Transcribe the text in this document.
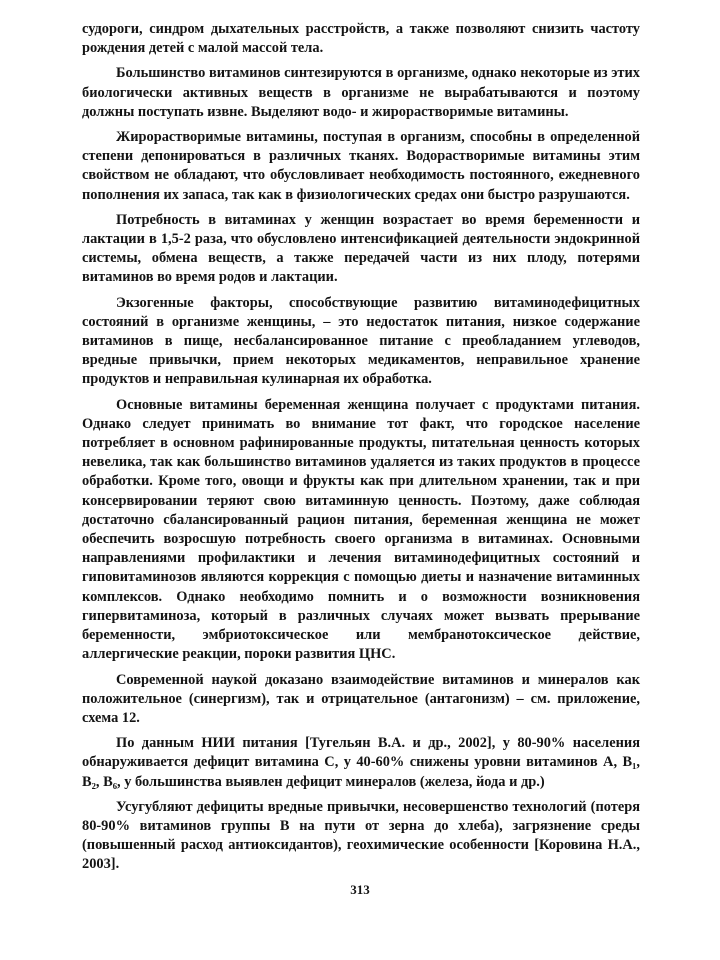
судороги, синдром дыхательных расстройств, а также позволяют снизить частоту рождения детей с малой массой тела.

Большинство витаминов синтезируются в организме, однако некоторые из этих биологически активных веществ в организме не вырабатываются и поэтому должны поступать извне. Выделяют водо- и жирорастворимые витамины.

Жирорастворимые витамины, поступая в организм, способны в определенной степени депонироваться в различных тканях. Водорастворимые витамины этим свойством не обладают, что обусловливает необходимость постоянного, ежедневного пополнения их запаса, так как в физиологических средах они быстро разрушаются.

Потребность в витаминах у женщин возрастает во время беременности и лактации в 1,5-2 раза, что обусловлено интенсификацией деятельности эндокринной системы, обмена веществ, а также передачей части из них плоду, потерями витаминов во время родов и лактации.

Экзогенные факторы, способствующие развитию витаминодефицитных состояний в организме женщины, – это недостаток питания, низкое содержание витаминов в пище, несбалансированное питание с преобладанием углеводов, вредные привычки, прием некоторых медикаментов, неправильное хранение продуктов и неправильная кулинарная их обработка.

Основные витамины беременная женщина получает с продуктами питания. Однако следует принимать во внимание тот факт, что городское население потребляет в основном рафинированные продукты, питательная ценность которых невелика, так как большинство витаминов удаляется из таких продуктов в процессе обработки. Кроме того, овощи и фрукты как при длительном хранении, так и при консервировании теряют свою витаминную ценность. Поэтому, даже соблюдая достаточно сбалансированный рацион питания, беременная женщина не может обеспечить возросшую потребность своего организма в витаминах. Основными направлениями профилактики и лечения витаминодефицитных состояний и гиповитаминозов являются коррекция с помощью диеты и назначение витаминных комплексов. Однако необходимо помнить и о возможности возникновения гипервитаминоза, который в различных случаях может вызвать прерывание беременности, эмбриотоксическое или мембранотоксическое действие, аллергические реакции, пороки развития ЦНС.

Современной наукой доказано взаимодействие витаминов и минералов как положительное (синергизм), так и отрицательное (антагонизм) – см. приложение, схема 12.

По данным НИИ питания [Тугельян В.А. и др., 2002], у 80-90% населения обнаруживается дефицит витамина С, у 40-60% снижены уровни витаминов А, В₁, В₂, В₆, у большинства выявлен дефицит минералов (железа, йода и др.)

Усугубляют дефициты вредные привычки, несовершенство технологий (потеря 80-90% витаминов группы В на пути от зерна до хлеба), загрязнение среды (повышенный расход антиоксидантов), геохимические особенности [Коровина Н.А., 2003].

313
